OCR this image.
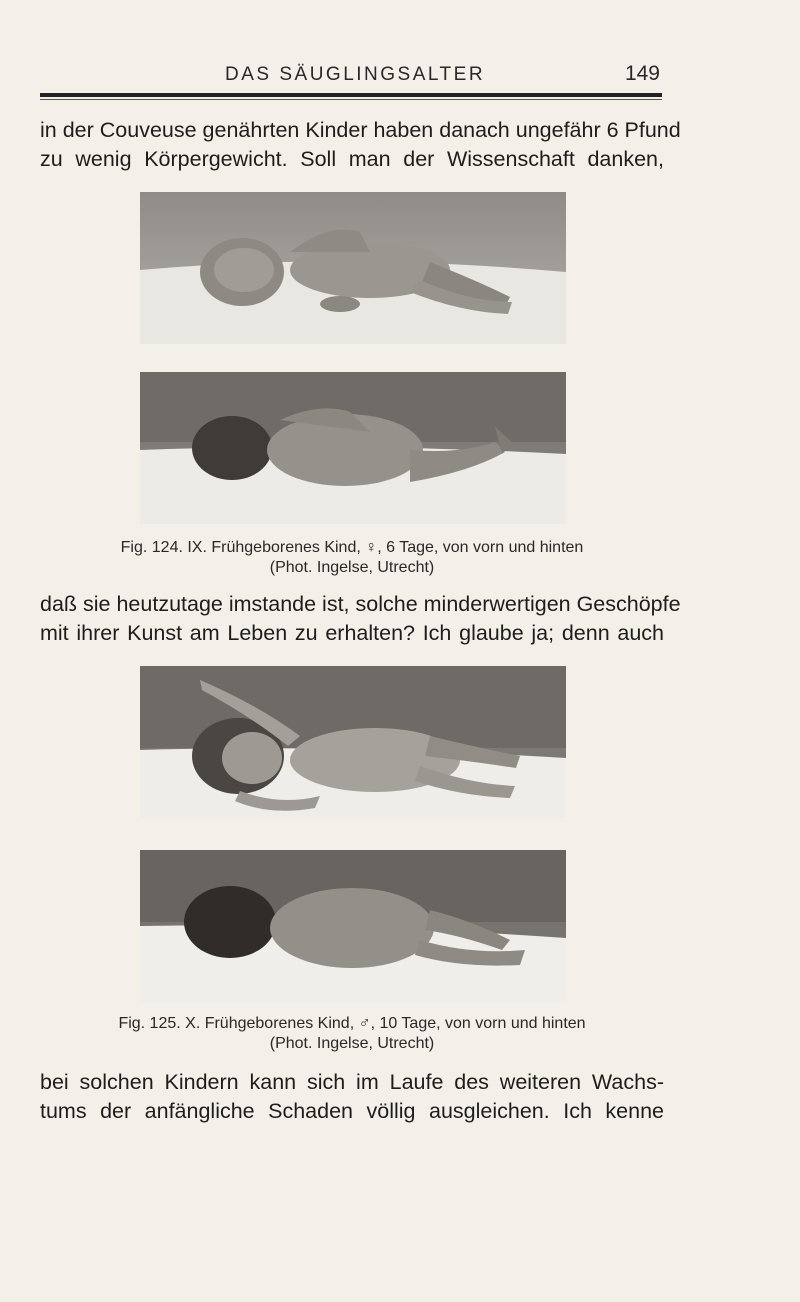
DAS SÄUGLINGSALTER	149
in der Couveuse genährten Kinder haben danach ungefähr 6 Pfund
zu wenig Körpergewicht. Soll man der Wissenschaft danken,
Fig. 124. IX. Frühgeborenes Kind, ♀, 6 Tage, von vorn und hinten
(Phot. Ingelse, Utrecht)
daß sie heutzutage imstande ist, solche minderwertigen Geschöpfe
mit ihrer Kunst am Leben zu erhalten? Ich glaube ja; denn auch
Fig. 125. X. Frühgeborenes Kind, ♂, 10 Tage, von vorn und hinten
(Phot. Ingelse, Utrecht)
bei solchen Kindern kann sich im Laufe des weiteren Wachs-
tums der anfängliche Schaden völlig ausgleichen. Ich kenne
